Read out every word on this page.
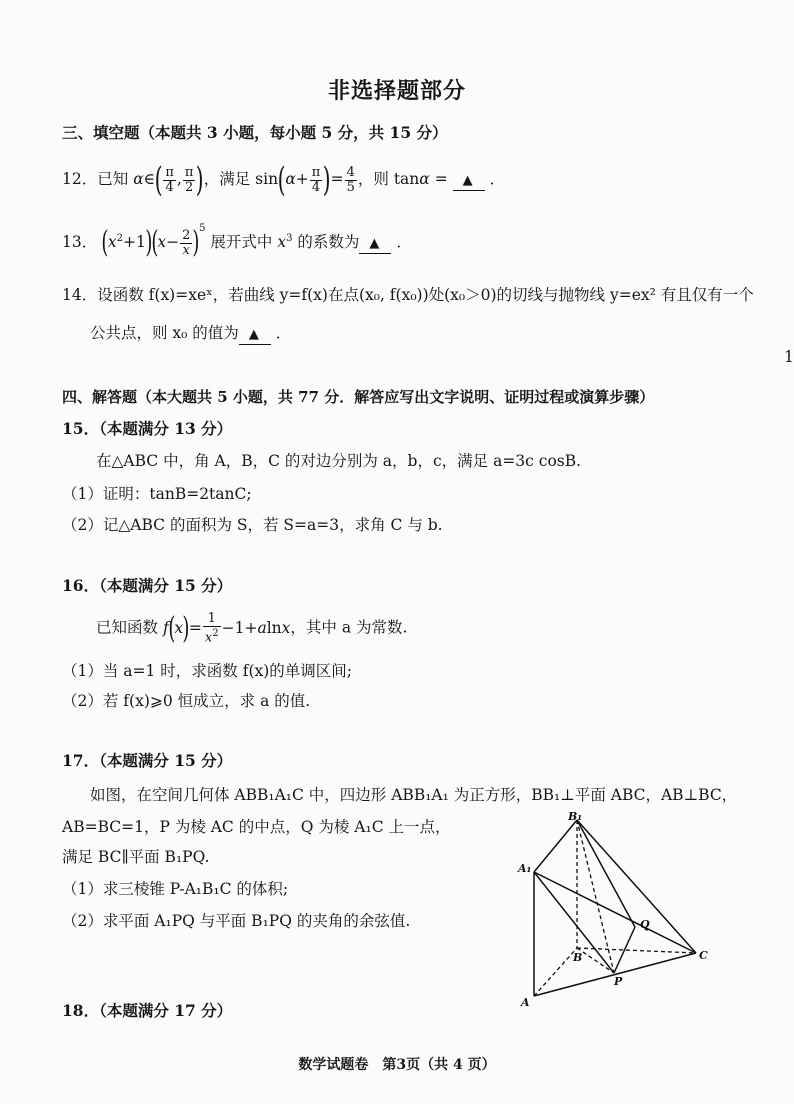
非选择题部分
三、填空题（本题共 3 小题，每小题 5 分，共 15 分）
12．已知 α∈( $\frac{\pi}{4}$ , $\frac{\pi}{2}$ )，满足 $\sin(\alpha+ \frac{\pi}{4}$ )= $\frac{4}{5}$ ，则 tanα = ▲ ．
13． $(x^2+1)(x- \frac{2}{x} )^5$ 展开式中 $x^3$ 的系数为 ▲ ．
14．设函数 f(x)=xeˣ，若曲线 y=f(x)在点(x₀, f(x₀))处(x₀＞0)的切线与抛物线 y=ex² 有且仅有一个
公共点，则 x₀ 的值为 ▲ ．
1
四、解答题（本大题共 5 小题，共 77 分．解答应写出文字说明、证明过程或演算步骤）
15．（本题满分 13 分）
在△ABC 中，角 A，B，C 的对边分别为 a，b，c，满足 a=3c cosB.
（1）证明：tanB=2tanC;
（2）记△ABC 的面积为 S，若 S=a=3，求角 C 与 b.
16．（本题满分 15 分）
已知函数 $f(x)= \frac{1}{x^2} -1+alnx$，其中 a 为常数.
（1）当 a=1 时，求函数 f(x)的单调区间;
（2）若 f(x)⩾0 恒成立，求 a 的值.
17．（本题满分 15 分）
如图，在空间几何体 ABB₁A₁C 中，四边形 ABB₁A₁ 为正方形，BB₁⊥平面 ABC，AB⊥BC，
AB=BC=1，P 为棱 AC 的中点，Q 为棱 A₁C 上一点，
满足 BC∥平面 B₁PQ.
（1）求三棱锥 P-A₁B₁C 的体积;
（2）求平面 A₁PQ 与平面 B₁PQ 的夹角的余弦值.
B₁
A₁
Q
B	C
P
A
18．（本题满分 17 分）
数学试题卷　第3页（共 4 页）
